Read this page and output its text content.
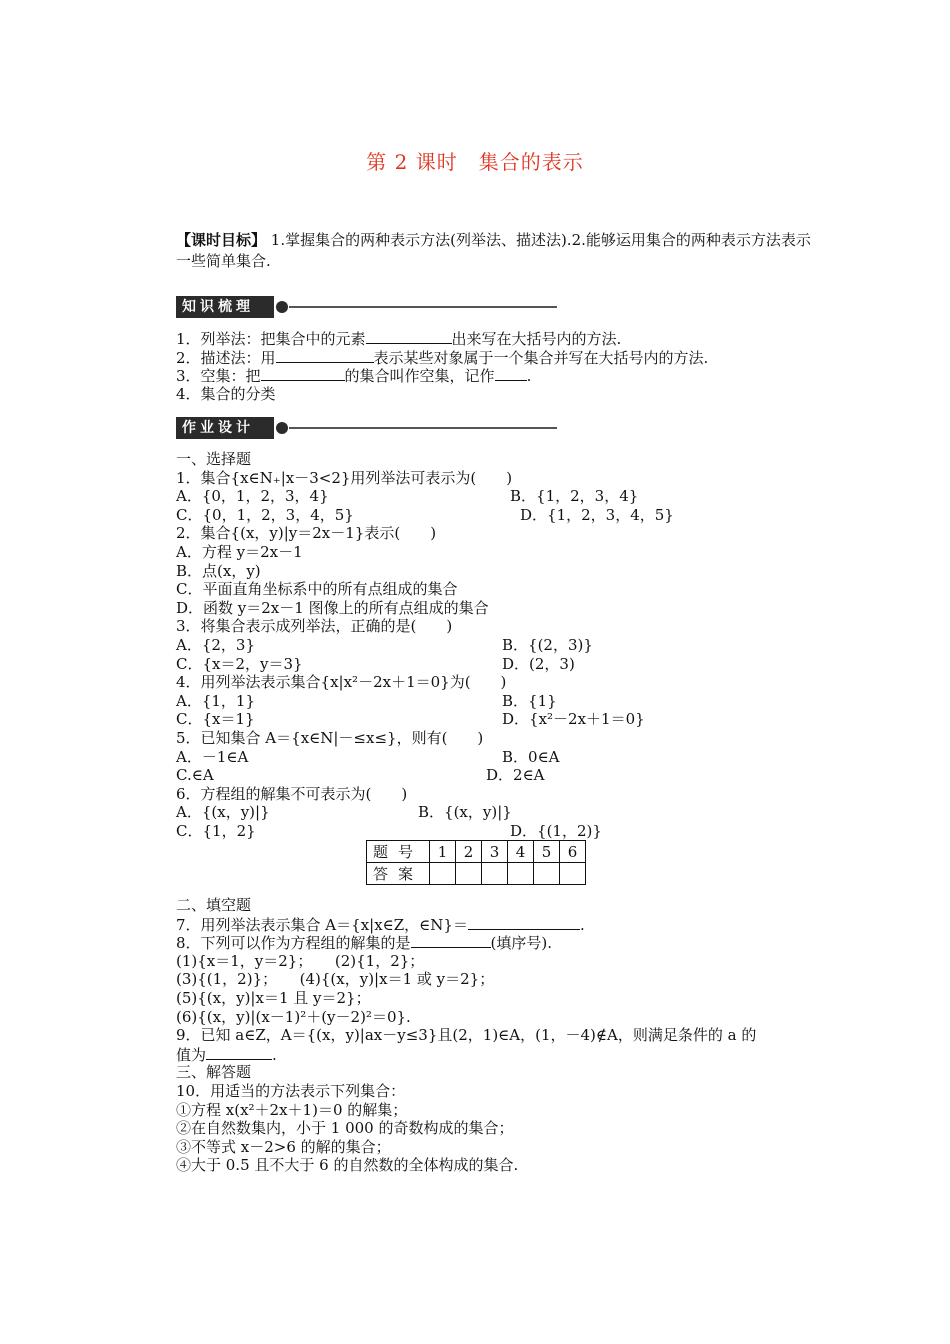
第 2 课时　集合的表示
【课时目标】 1.掌握集合的两种表示方法(列举法、描述法).2.能够运用集合的两种表示方法表示一些简单集合.
知识梳理
1．列举法：把集合中的元素	出来写在大括号内的方法.
2．描述法：用	表示某些对象属于一个集合并写在大括号内的方法.
3．空集：把	的集合叫作空集，记作 .
4．集合的分类
作业设计
一、选择题
1．集合{x∈N₊|x－3<2}用列举法可表示为(　　)
A．{0，1，2，3，4}	B．{1，2，3，4}
C．{0，1，2，3，4，5}	D．{1，2，3，4，5}
2．集合{(x，y)|y＝2x－1}表示(　　)
A．方程 y＝2x－1
B．点(x，y)
C．平面直角坐标系中的所有点组成的集合
D．函数 y＝2x－1 图像上的所有点组成的集合
3．将集合表示成列举法，正确的是(　　)
A．{2，3}	B．{(2，3)}
C．{x＝2，y＝3}	D．(2，3)
4．用列举法表示集合{x|x²－2x＋1＝0}为(　　)
A．{1，1}	B．{1}
C．{x＝1}	D．{x²－2x＋1＝0}
5．已知集合 A＝{x∈N|－≤x≤}，则有(　　)
A．－1∈A	B．0∈A
C.∈A	D．2∈A
6．方程组的解集不可表示为(　　)
A．{(x，y)|}	B．{(x，y)|}
C．{1，2}	D．{(1，2)}
题号	1	2	3	4	5	6
答案						
二、填空题
7．用列举法表示集合 A＝{x|x∈Z，∈N}＝	.
8．下列可以作为方程组的解集的是	(填序号).
(1){x＝1，y＝2}；　　(2){1，2}；
(3){(1，2)}；　　(4){(x，y)|x＝1 或 y＝2}；
(5){(x，y)|x＝1 且 y＝2}；
(6){(x，y)|(x－1)²＋(y－2)²＝0}.
9．已知 a∈Z，A＝{(x，y)|ax－y≤3}且(2，1)∈A，(1，－4)∉A，则满足条件的 a 的
值为	.
三、解答题
10．用适当的方法表示下列集合：
①方程 x(x²＋2x＋1)＝0 的解集；
②在自然数集内，小于 1 000 的奇数构成的集合；
③不等式 x－2>6 的解的集合；
④大于 0.5 且不大于 6 的自然数的全体构成的集合.
